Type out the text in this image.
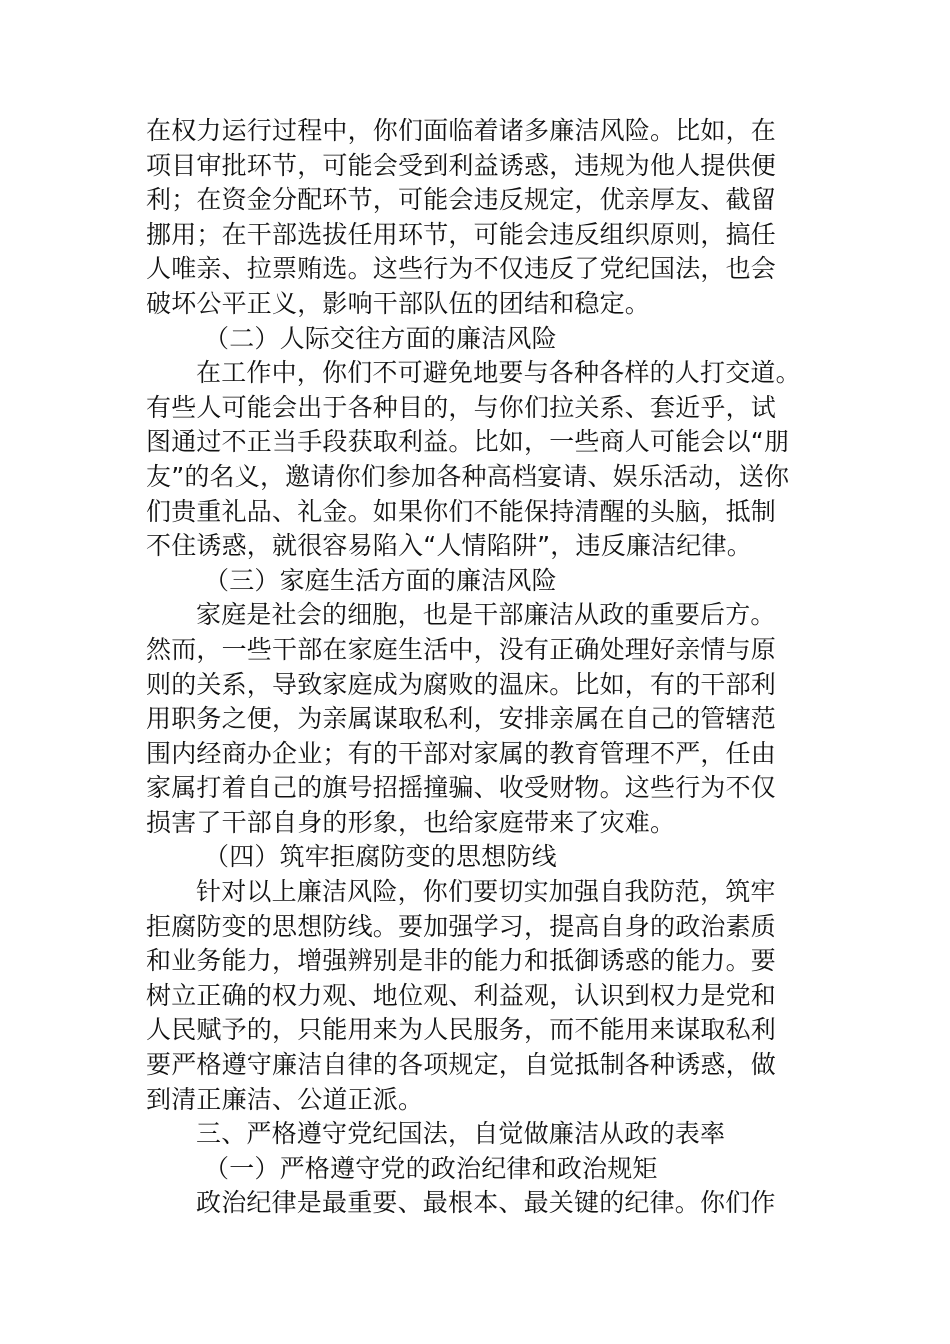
在权力运行过程中，你们面临着诸多廉洁风险。比如，在
项目审批环节，可能会受到利益诱惑，违规为他人提供便
利；在资金分配环节，可能会违反规定，优亲厚友、截留
挪用；在干部选拔任用环节，可能会违反组织原则，搞任
人唯亲、拉票贿选。这些行为不仅违反了党纪国法，也会
破坏公平正义，影响干部队伍的团结和稳定。
（二）人际交往方面的廉洁风险
在工作中，你们不可避免地要与各种各样的人打交道。
有些人可能会出于各种目的，与你们拉关系、套近乎，试
图通过不正当手段获取利益。比如，一些商人可能会以“朋
友”的名义，邀请你们参加各种高档宴请、娱乐活动，送你
们贵重礼品、礼金。如果你们不能保持清醒的头脑，抵制
不住诱惑，就很容易陷入“人情陷阱”，违反廉洁纪律。
（三）家庭生活方面的廉洁风险
家庭是社会的细胞，也是干部廉洁从政的重要后方。
然而，一些干部在家庭生活中，没有正确处理好亲情与原
则的关系，导致家庭成为腐败的温床。比如，有的干部利
用职务之便，为亲属谋取私利，安排亲属在自己的管辖范
围内经商办企业；有的干部对家属的教育管理不严，任由
家属打着自己的旗号招摇撞骗、收受财物。这些行为不仅
损害了干部自身的形象，也给家庭带来了灾难。
（四）筑牢拒腐防变的思想防线
针对以上廉洁风险，你们要切实加强自我防范，筑牢
拒腐防变的思想防线。要加强学习，提高自身的政治素质
和业务能力，增强辨别是非的能力和抵御诱惑的能力。要
树立正确的权力观、地位观、利益观，认识到权力是党和
人民赋予的，只能用来为人民服务，而不能用来谋取私利
要严格遵守廉洁自律的各项规定，自觉抵制各种诱惑，做
到清正廉洁、公道正派。
三、严格遵守党纪国法，自觉做廉洁从政的表率
（一）严格遵守党的政治纪律和政治规矩
政治纪律是最重要、最根本、最关键的纪律。你们作
